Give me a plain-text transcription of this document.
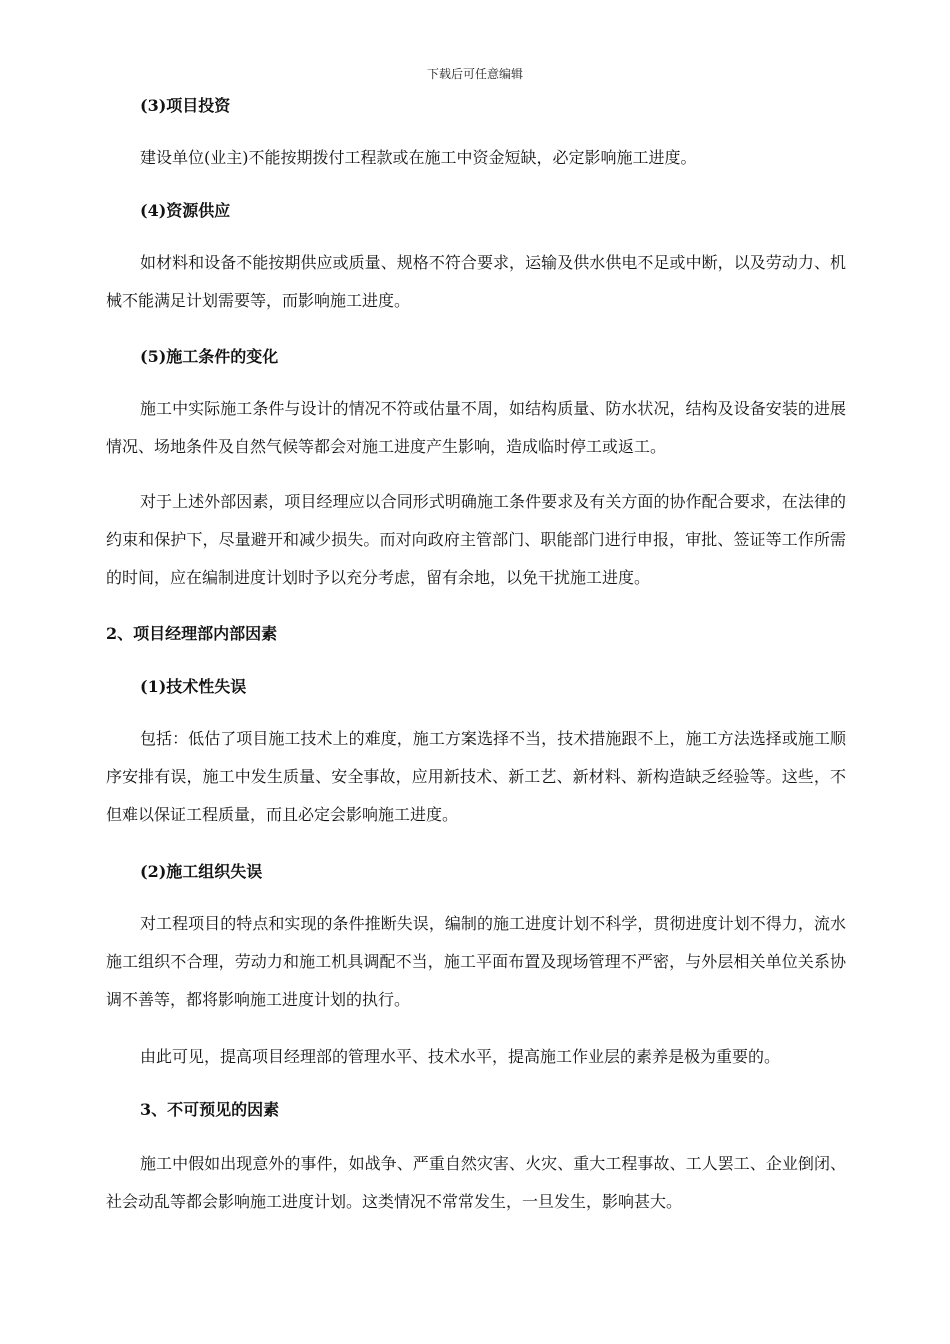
下载后可任意编辑
(3)项目投资

建设单位(业主)不能按期拨付工程款或在施工中资金短缺，必定影响施工进度。

(4)资源供应

如材料和设备不能按期供应或质量、规格不符合要求，运输及供水供电不足或中断，以及劳动力、机械不能满足计划需要等，而影响施工进度。

(5)施工条件的变化

施工中实际施工条件与设计的情况不符或估量不周，如结构质量、防水状况，结构及设备安装的进展情况、场地条件及自然气候等都会对施工进度产生影响，造成临时停工或返工。

对于上述外部因素，项目经理应以合同形式明确施工条件要求及有关方面的协作配合要求，在法律的约束和保护下，尽量避开和减少损失。而对向政府主管部门、职能部门进行申报，审批、签证等工作所需的时间，应在编制进度计划时予以充分考虑，留有余地，以免干扰施工进度。

2、项目经理部内部因素
(1)技术性失误

包括：低估了项目施工技术上的难度，施工方案选择不当，技术措施跟不上，施工方法选择或施工顺序安排有误，施工中发生质量、安全事故，应用新技术、新工艺、新材料、新构造缺乏经验等。这些，不但难以保证工程质量，而且必定会影响施工进度。

(2)施工组织失误

对工程项目的特点和实现的条件推断失误，编制的施工进度计划不科学，贯彻进度计划不得力，流水施工组织不合理，劳动力和施工机具调配不当，施工平面布置及现场管理不严密，与外层相关单位关系协调不善等，都将影响施工进度计划的执行。

由此可见，提高项目经理部的管理水平、技术水平，提高施工作业层的素养是极为重要的。

3、不可预见的因素

施工中假如出现意外的事件，如战争、严重自然灾害、火灾、重大工程事故、工人罢工、企业倒闭、社会动乱等都会影响施工进度计划。这类情况不常常发生，一旦发生，影响甚大。
